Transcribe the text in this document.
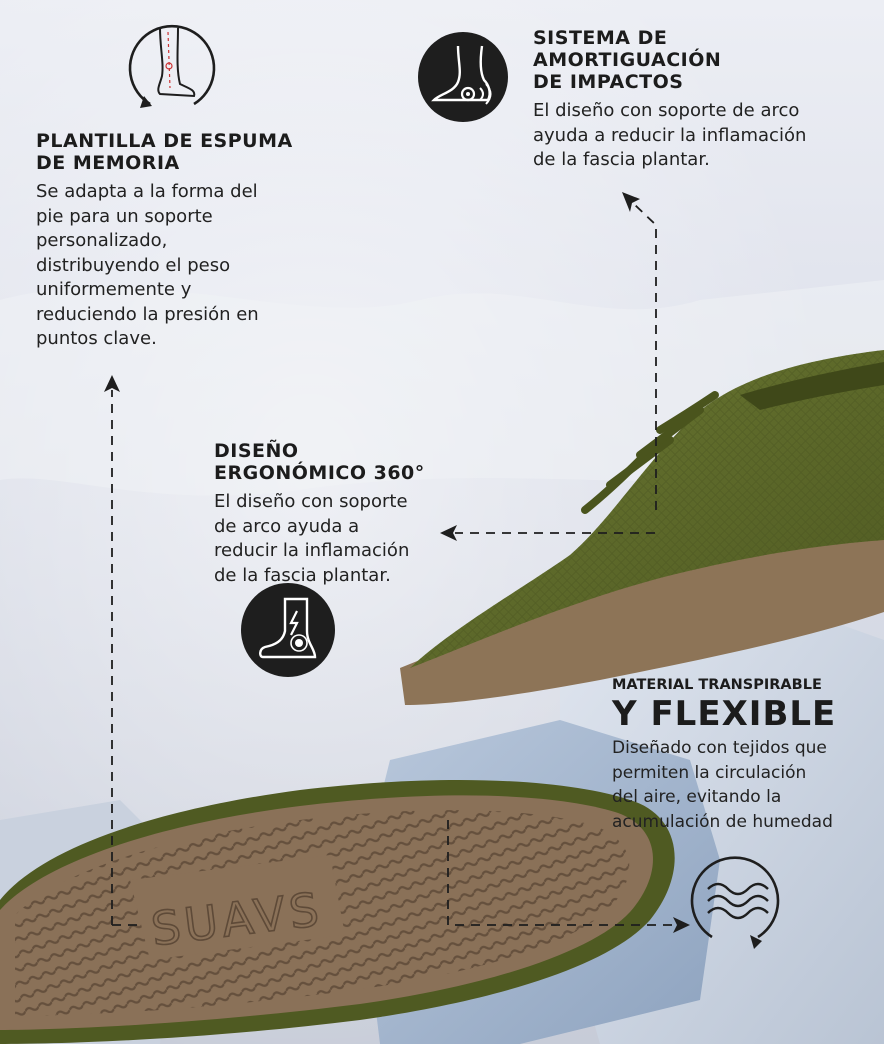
SUAVS

PLANTILLA DE ESPUMA

DE MEMORIA

Se adapta a la forma del
pie para un soporte
personalizado,
distribuyendo el peso
uniformemente y
reduciendo la presión en
puntos clave.

SISTEMA DE

AMORTIGUACIÓN

DE IMPACTOS

El diseño con soporte de arco
ayuda a reducir la inflamación
de la fascia plantar.

DISEÑO

ERGONÓMICO 360°

El diseño con soporte
de arco ayuda a
reducir la inflamación
de la fascia plantar.

MATERIAL TRANSPIRABLE

Y FLEXIBLE

Diseñado con tejidos que
permiten la circulación
del aire, evitando la
acumulación de humedad
